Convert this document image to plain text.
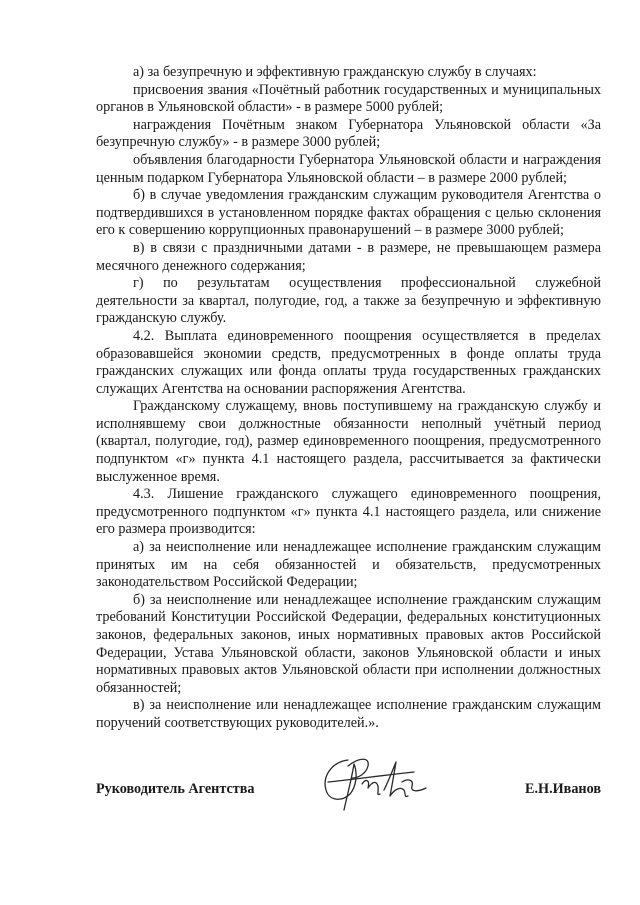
а) за безупречную и эффективную гражданскую службу в случаях:

присвоения звания «Почётный работник государственных и муниципальных органов в Ульяновской области» - в размере 5000 рублей;

награждения Почётным знаком Губернатора Ульяновской области «За безупречную службу» - в размере 3000 рублей;

объявления благодарности Губернатора Ульяновской области и награждения ценным подарком Губернатора Ульяновской области – в размере 2000 рублей;

б) в случае уведомления гражданским служащим руководителя Агентства о подтвердившихся в установленном порядке фактах обращения с целью склонения его к совершению коррупционных правонарушений – в размере 3000 рублей;

в) в связи с праздничными датами - в размере, не превышающем размера месячного денежного содержания;

г) по результатам осуществления профессиональной служебной деятельности за квартал, полугодие, год, а также за безупречную и эффективную гражданскую службу.

4.2. Выплата единовременного поощрения осуществляется в пределах образовавшейся экономии средств, предусмотренных в фонде оплаты труда гражданских служащих или фонда оплаты труда государственных гражданских служащих Агентства на основании распоряжения Агентства.

Гражданскому служащему, вновь поступившему на гражданскую службу и исполнявшему свои должностные обязанности неполный учётный период (квартал, полугодие, год), размер единовременного поощрения, предусмотренного подпунктом «г» пункта 4.1 настоящего раздела, рассчитывается за фактически выслуженное время.

4.3. Лишение гражданского служащего единовременного поощрения, предусмотренного подпунктом «г» пункта 4.1 настоящего раздела, или снижение его размера производится:

а) за неисполнение или ненадлежащее исполнение гражданским служащим принятых им на себя обязанностей и обязательств, предусмотренных законодательством Российской Федерации;

б) за неисполнение или ненадлежащее исполнение гражданским служащим требований Конституции Российской Федерации, федеральных конституционных законов, федеральных законов, иных нормативных правовых актов Российской Федерации, Устава Ульяновской области, законов Ульяновской области и иных нормативных правовых актов Ульяновской области при исполнении должностных обязанностей;

в) за неисполнение или ненадлежащее исполнение гражданским служащим поручений соответствующих руководителей.».

Руководитель Агентства	Е.Н.Иванов
